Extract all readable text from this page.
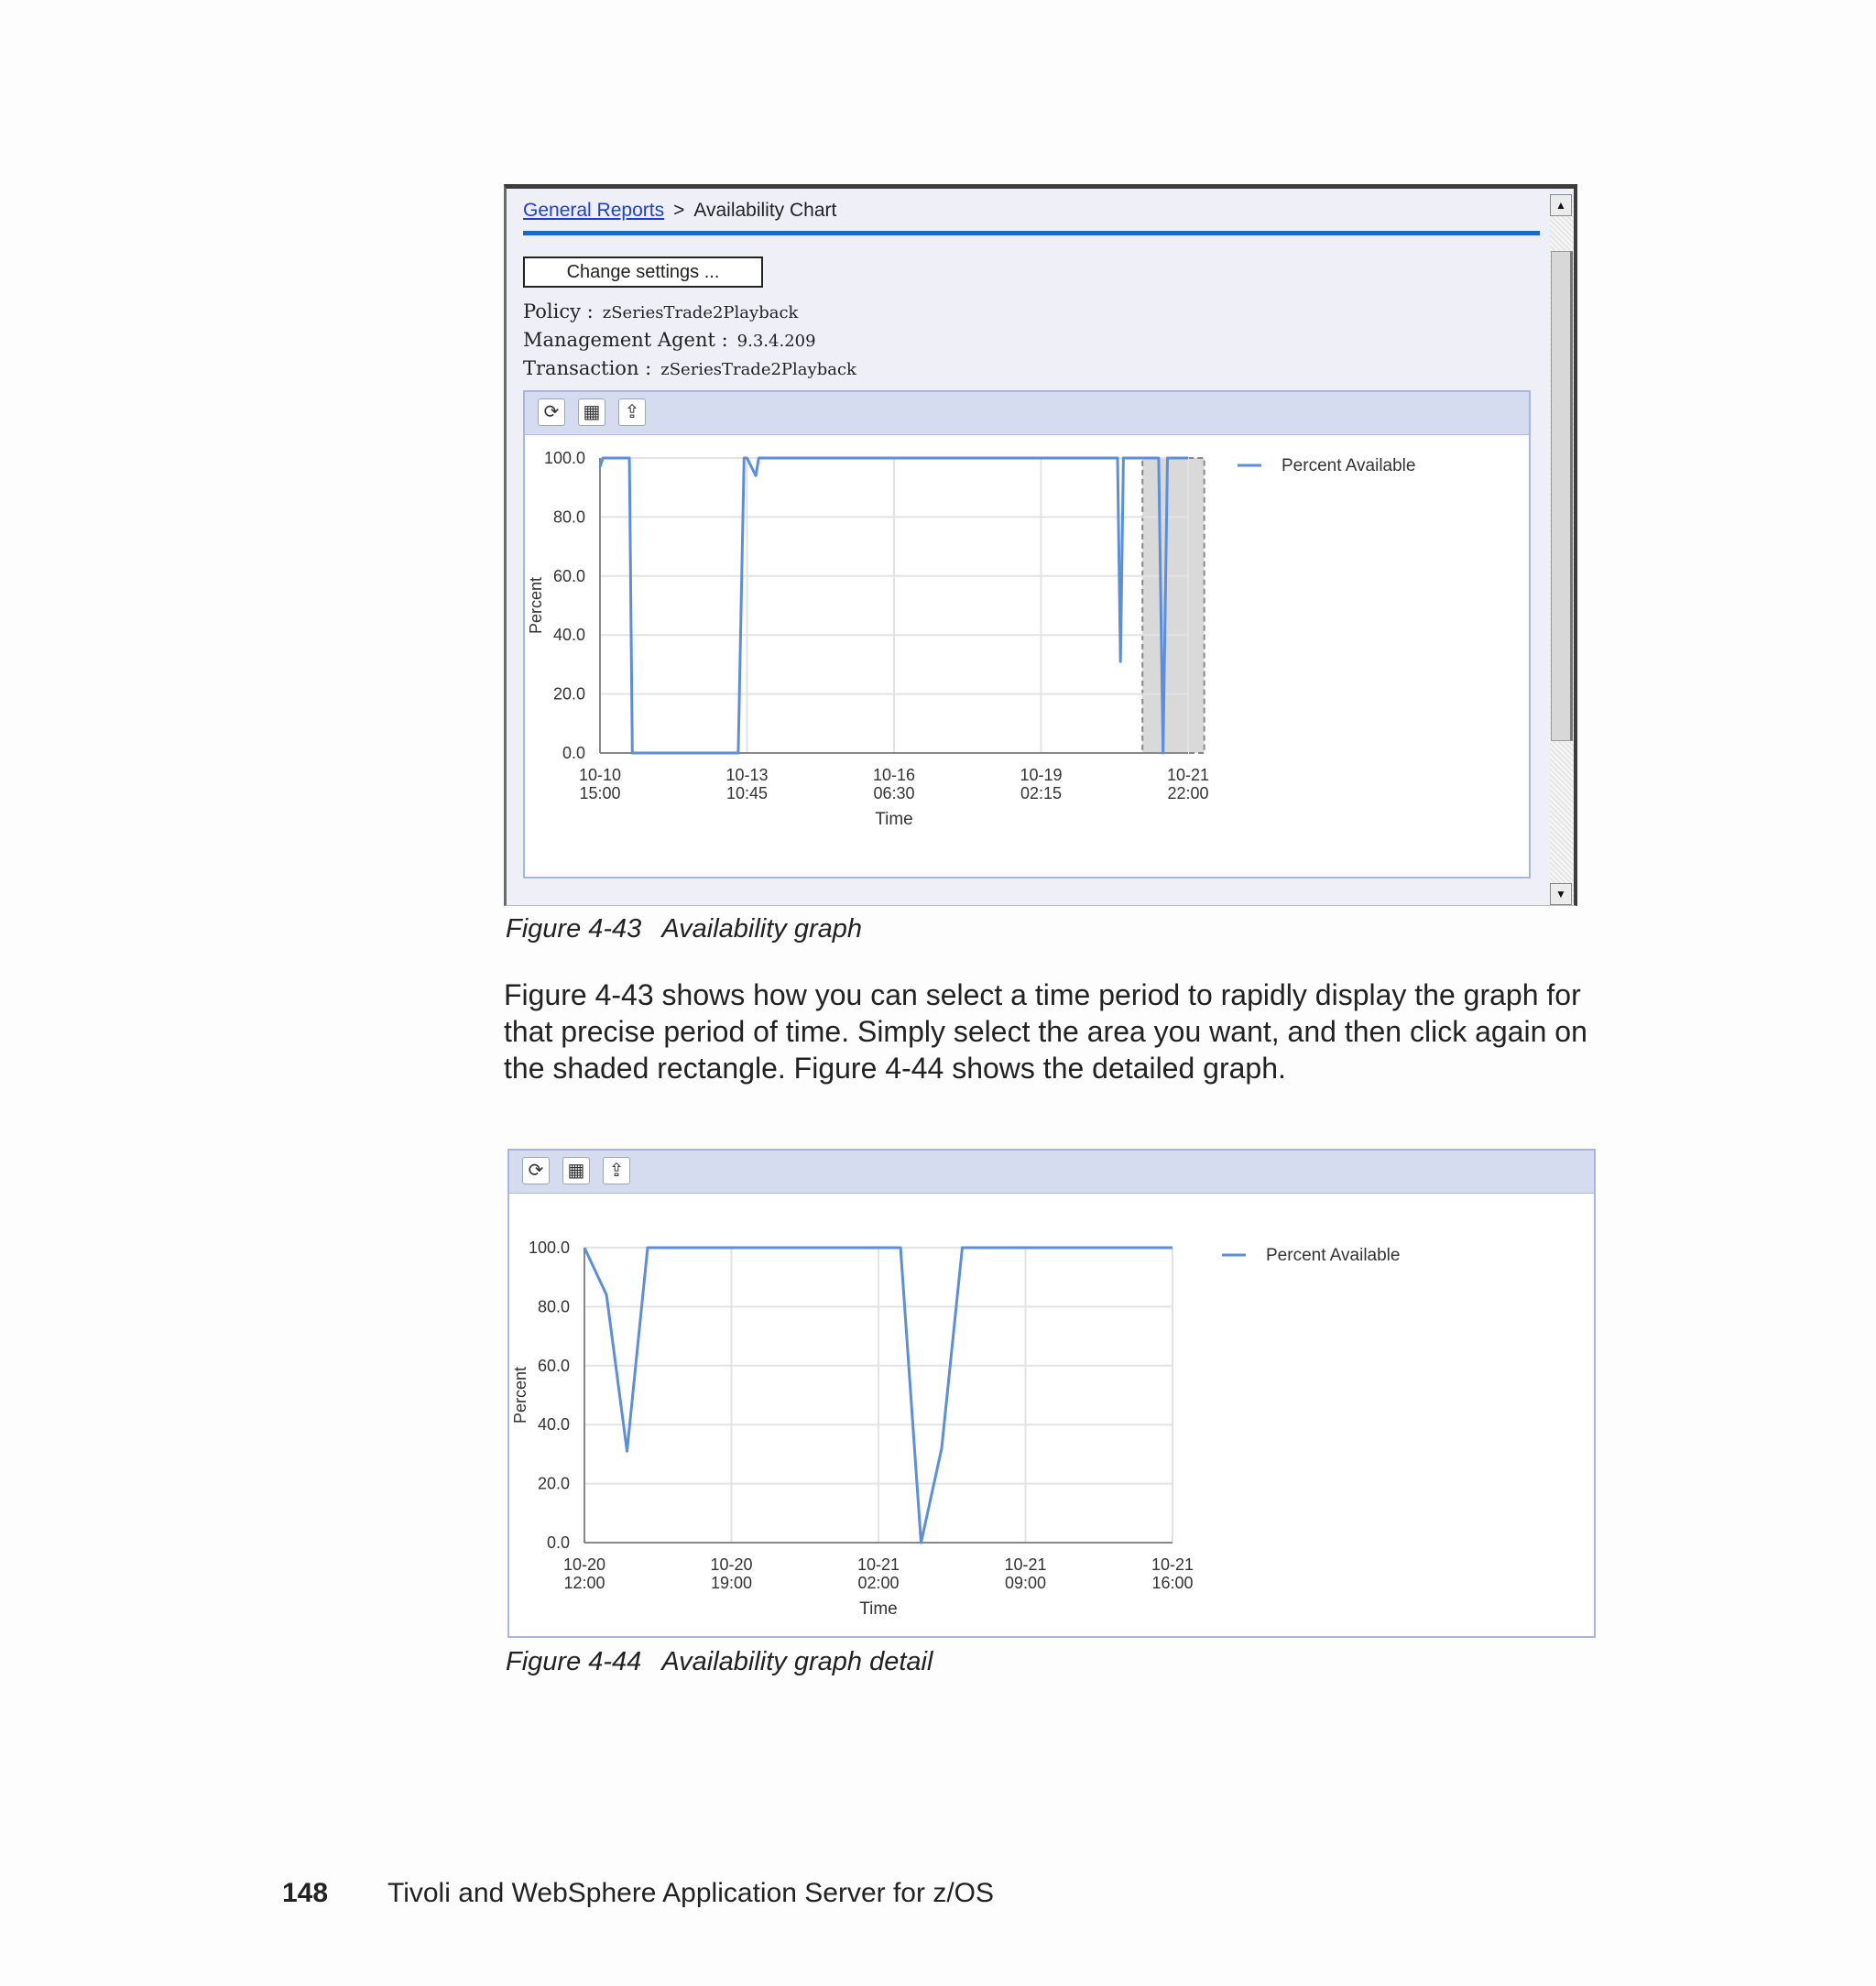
General Reports > Availability Chart
Change settings ...
Policy : zSeriesTrade2Playback
Management Agent : 9.3.4.209
Transaction : zSeriesTrade2Playback
⟳	▦	⇪
100.0
80.0
60.0
40.0
20.0
0.0
10-10
15:00
10-13
10:45
10-16
06:30
10-19
02:15
10-21
22:00
Time
Percent
Percent Available
▲
▼
Figure 4-43 Availability graph
Figure 4-43 shows how you can select a time period to rapidly display the graph for that precise period of time. Simply select the area you want, and then click again on the shaded rectangle. Figure 4-44 shows the detailed graph.
⟳	▦	⇪
100.0
80.0
60.0
40.0
20.0
0.0
10-20
12:00
10-20
19:00
10-21
02:00
10-21
09:00
10-21
16:00
Time
Percent
Percent Available
Figure 4-44 Availability graph detail
148 Tivoli and WebSphere Application Server for z/OS
